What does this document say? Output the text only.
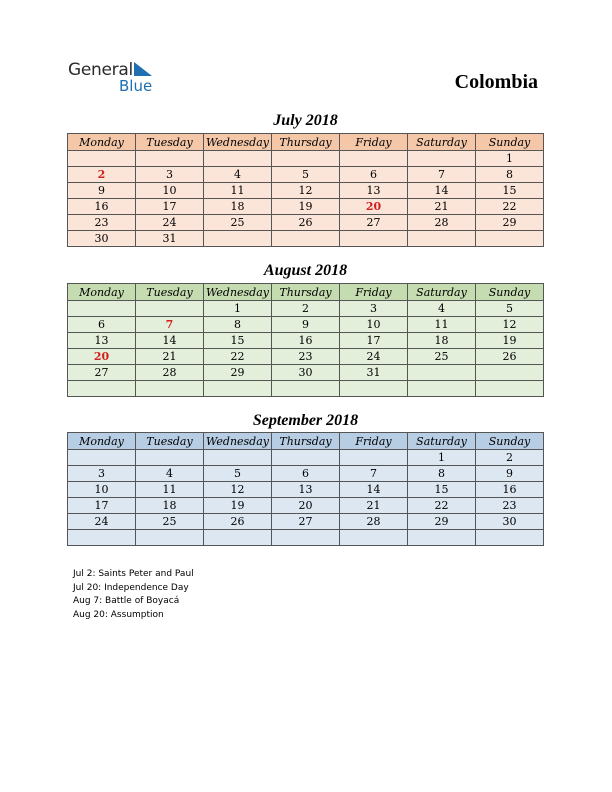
General
Blue	Colombia
July 2018
Monday	Tuesday	Wednesday	Thursday	Friday	Saturday	Sunday
						1
2	3	4	5	6	7	8
9	10	11	12	13	14	15
16	17	18	19	20	21	22
23	24	25	26	27	28	29
30	31					
August 2018
Monday	Tuesday	Wednesday	Thursday	Friday	Saturday	Sunday
		1	2	3	4	5
6	7	8	9	10	11	12
13	14	15	16	17	18	19
20	21	22	23	24	25	26
27	28	29	30	31		

September 2018
Monday	Tuesday	Wednesday	Thursday	Friday	Saturday	Sunday
					1	2
3	4	5	6	7	8	9
10	11	12	13	14	15	16
17	18	19	20	21	22	23
24	25	26	27	28	29	30

Jul 2: Saints Peter and Paul
Jul 20: Independence Day
Aug 7: Battle of Boyacá
Aug 20: Assumption
